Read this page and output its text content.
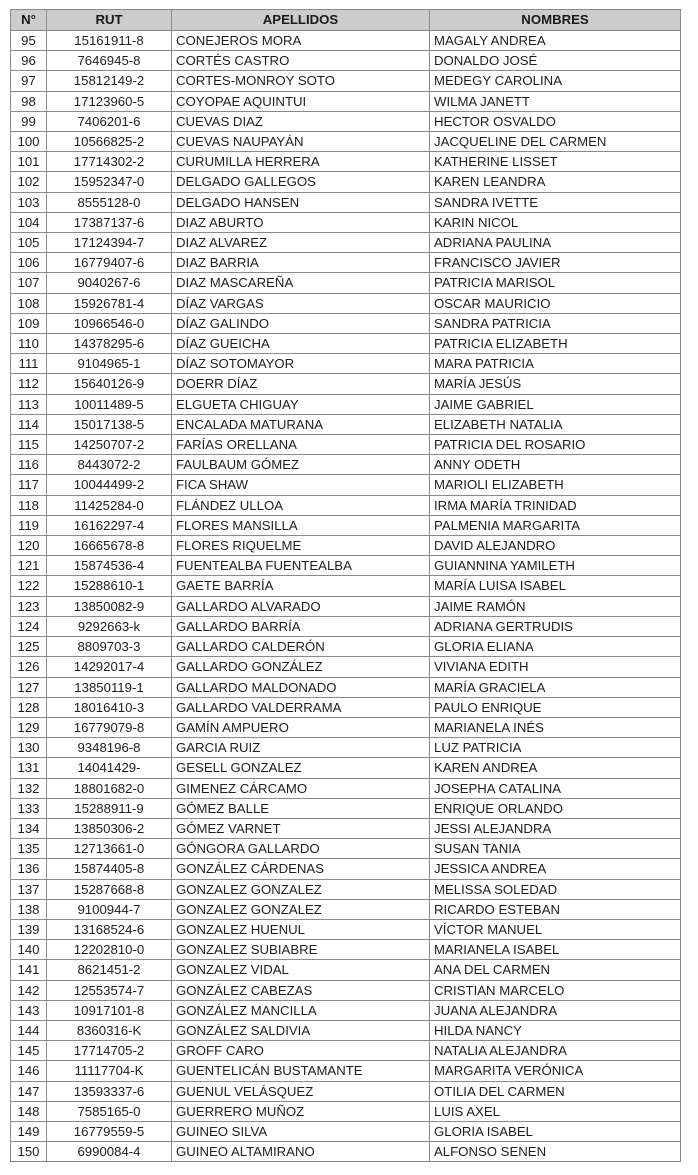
N°	RUT	APELLIDOS	NOMBRES
95	15161911-8	CONEJEROS MORA	MAGALY ANDREA
96	7646945-8	CORTÉS CASTRO	DONALDO JOSÉ
97	15812149-2	CORTES-MONROY SOTO	MEDEGY CAROLINA
98	17123960-5	COYOPAE AQUINTUI	WILMA JANETT
99	7406201-6	CUEVAS DIAZ	HECTOR OSVALDO
100	10566825-2	CUEVAS NAUPAYÁN	JACQUELINE DEL CARMEN
101	17714302-2	CURUMILLA HERRERA	KATHERINE LISSET
102	15952347-0	DELGADO GALLEGOS	KAREN LEANDRA
103	8555128-0	DELGADO HANSEN	SANDRA IVETTE
104	17387137-6	DIAZ ABURTO	KARIN NICOL
105	17124394-7	DIAZ ALVAREZ	ADRIANA PAULINA
106	16779407-6	DIAZ BARRIA	FRANCISCO JAVIER
107	9040267-6	DIAZ MASCAREÑA	PATRICIA MARISOL
108	15926781-4	DÍAZ VARGAS	OSCAR MAURICIO
109	10966546-0	DÍAZ GALINDO	SANDRA PATRICIA
110	14378295-6	DÍAZ GUEICHA	PATRICIA ELIZABETH
111	9104965-1	DÍAZ SOTOMAYOR	MARA PATRICIA
112	15640126-9	DOERR DÍAZ	MARÍA JESÚS
113	10011489-5	ELGUETA CHIGUAY	JAIME GABRIEL
114	15017138-5	ENCALADA MATURANA	ELIZABETH NATALIA
115	14250707-2	FARÍAS ORELLANA	PATRICIA DEL ROSARIO
116	8443072-2	FAULBAUM GÓMEZ	ANNY ODETH
117	10044499-2	FICA SHAW	MARIOLI ELIZABETH
118	11425284-0	FLÁNDEZ ULLOA	IRMA MARÍA TRINIDAD
119	16162297-4	FLORES MANSILLA	PALMENIA MARGARITA
120	16665678-8	FLORES RIQUELME	DAVID ALEJANDRO
121	15874536-4	FUENTEALBA FUENTEALBA	GUIANNINA YAMILETH
122	15288610-1	GAETE BARRÍA	MARÍA LUISA ISABEL
123	13850082-9	GALLARDO ALVARADO	JAIME RAMÓN
124	9292663-k	GALLARDO BARRÍA	ADRIANA GERTRUDIS
125	8809703-3	GALLARDO CALDERÓN	GLORIA ELIANA
126	14292017-4	GALLARDO GONZÁLEZ	VIVIANA EDITH
127	13850119-1	GALLARDO MALDONADO	MARÍA GRACIELA
128	18016410-3	GALLARDO VALDERRAMA	PAULO ENRIQUE
129	16779079-8	GAMÍN AMPUERO	MARIANELA INÉS
130	9348196-8	GARCIA RUIZ	LUZ PATRICIA
131	14041429-	GESELL GONZALEZ	KAREN ANDREA
132	18801682-0	GIMENEZ CÁRCAMO	JOSEPHA CATALINA
133	15288911-9	GÓMEZ BALLE	ENRIQUE ORLANDO
134	13850306-2	GÓMEZ VARNET	JESSI ALEJANDRA
135	12713661-0	GÓNGORA GALLARDO	SUSAN TANIA
136	15874405-8	GONZÁLEZ CÁRDENAS	JESSICA ANDREA
137	15287668-8	GONZALEZ GONZALEZ	MELISSA SOLEDAD
138	9100944-7	GONZALEZ GONZALEZ	RICARDO ESTEBAN
139	13168524-6	GONZALEZ HUENUL	VÍCTOR MANUEL
140	12202810-0	GONZALEZ SUBIABRE	MARIANELA ISABEL
141	8621451-2	GONZALEZ VIDAL	ANA DEL CARMEN
142	12553574-7	GONZÁLEZ CABEZAS	CRISTIAN MARCELO
143	10917101-8	GONZÁLEZ MANCILLA	JUANA ALEJANDRA
144	8360316-K	GONZÁLEZ SALDIVIA	HILDA NANCY
145	17714705-2	GROFF CARO	NATALIA ALEJANDRA
146	11117704-K	GUENTELICÁN BUSTAMANTE	MARGARITA VERÓNICA
147	13593337-6	GUENUL VELÁSQUEZ	OTILIA DEL CARMEN
148	7585165-0	GUERRERO MUÑOZ	LUIS AXEL
149	16779559-5	GUINEO SILVA	GLORIA ISABEL
150	6990084-4	GUINEO ALTAMIRANO	ALFONSO SENEN
